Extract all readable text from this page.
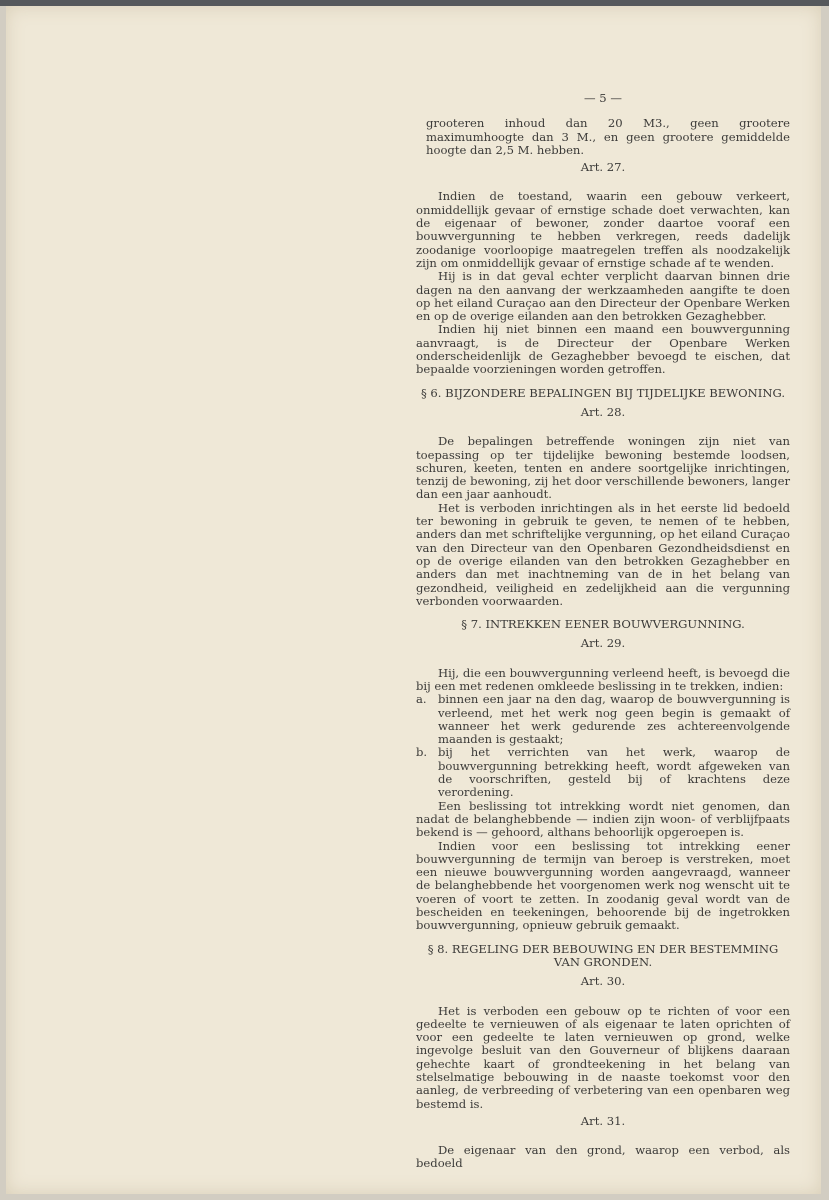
— 5 —
grooteren inhoud dan 20 M3., geen grootere maximumhoogte dan 3 M., en geen grootere gemiddelde hoogte dan 2,5 M. hebben.
Art. 27.

Indien de toestand, waarin een gebouw verkeert, onmiddellijk gevaar of ernstige schade doet verwachten, kan de eigenaar of bewoner, zonder daartoe vooraf een bouwvergunning te hebben verkregen, reeds dadelijk zoodanige voorloopige maatregelen treffen als noodzakelijk zijn om onmiddellijk gevaar of ernstige schade af te wenden.

Hij is in dat geval echter verplicht daarvan binnen drie dagen na den aanvang der werkzaamheden aangifte te doen op het eiland Curaçao aan den Directeur der Openbare Werken en op de overige eilanden aan den betrokken Gezaghebber.

Indien hij niet binnen een maand een bouwvergunning aanvraagt, is de Directeur der Openbare Werken onderscheidenlijk de Gezaghebber bevoegd te eischen, dat bepaalde voorzieningen worden getroffen.

§ 6. BIJZONDERE BEPALINGEN BIJ TIJDELIJKE BEWONING.
Art. 28.

De bepalingen betreffende woningen zijn niet van toepassing op ter tijdelijke bewoning bestemde loodsen, schuren, keeten, tenten en andere soortgelijke inrichtingen, tenzij de bewoning, zij het door verschillende bewoners, langer dan een jaar aanhoudt.

Het is verboden inrichtingen als in het eerste lid bedoeld ter bewoning in gebruik te geven, te nemen of te hebben, anders dan met schriftelijke vergunning, op het eiland Curaçao van den Directeur van den Openbaren Gezondheidsdienst en op de overige eilanden van den betrokken Gezaghebber en anders dan met inachtneming van de in het belang van gezondheid, veiligheid en zedelijkheid aan die vergunning verbonden voorwaarden.

§ 7. INTREKKEN EENER BOUWVERGUNNING.
Art. 29.

Hij, die een bouwvergunning verleend heeft, is bevoegd die bij een met redenen omkleede beslissing in te trekken, indien:

a. binnen een jaar na den dag, waarop de bouwvergunning is verleend, met het werk nog geen begin is gemaakt of wanneer het werk gedurende zes achtereenvolgende maanden is gestaakt;
b. bij het verrichten van het werk, waarop de bouwvergunning betrekking heeft, wordt afgeweken van de voorschriften, gesteld bij of krachtens deze verordening.

Een beslissing tot intrekking wordt niet genomen, dan nadat de belanghebbende — indien zijn woon- of verblijfpaats bekend is — gehoord, althans behoorlijk opgeroepen is.

Indien voor een beslissing tot intrekking eener bouwvergunning de termijn van beroep is verstreken, moet een nieuwe bouwvergunning worden aangevraagd, wanneer de belanghebbende het voorgenomen werk nog wenscht uit te voeren of voort te zetten. In zoodanig geval wordt van de bescheiden en teekeningen, behoorende bij de ingetrokken bouwvergunning, opnieuw gebruik gemaakt.

§ 8. REGELING DER BEBOUWING EN DER BESTEMMING VAN GRONDEN.
Art. 30.

Het is verboden een gebouw op te richten of voor een gedeelte te vernieuwen of als eigenaar te laten oprichten of voor een gedeelte te laten vernieuwen op grond, welke ingevolge besluit van den Gouverneur of blijkens daaraan gehechte kaart of grondteekening in het belang van stelselmatige bebouwing in de naaste toekomst voor den aanleg, de verbreeding of verbetering van een openbaren weg bestemd is.

Art. 31.

De eigenaar van den grond, waarop een verbod, als bedoeld
